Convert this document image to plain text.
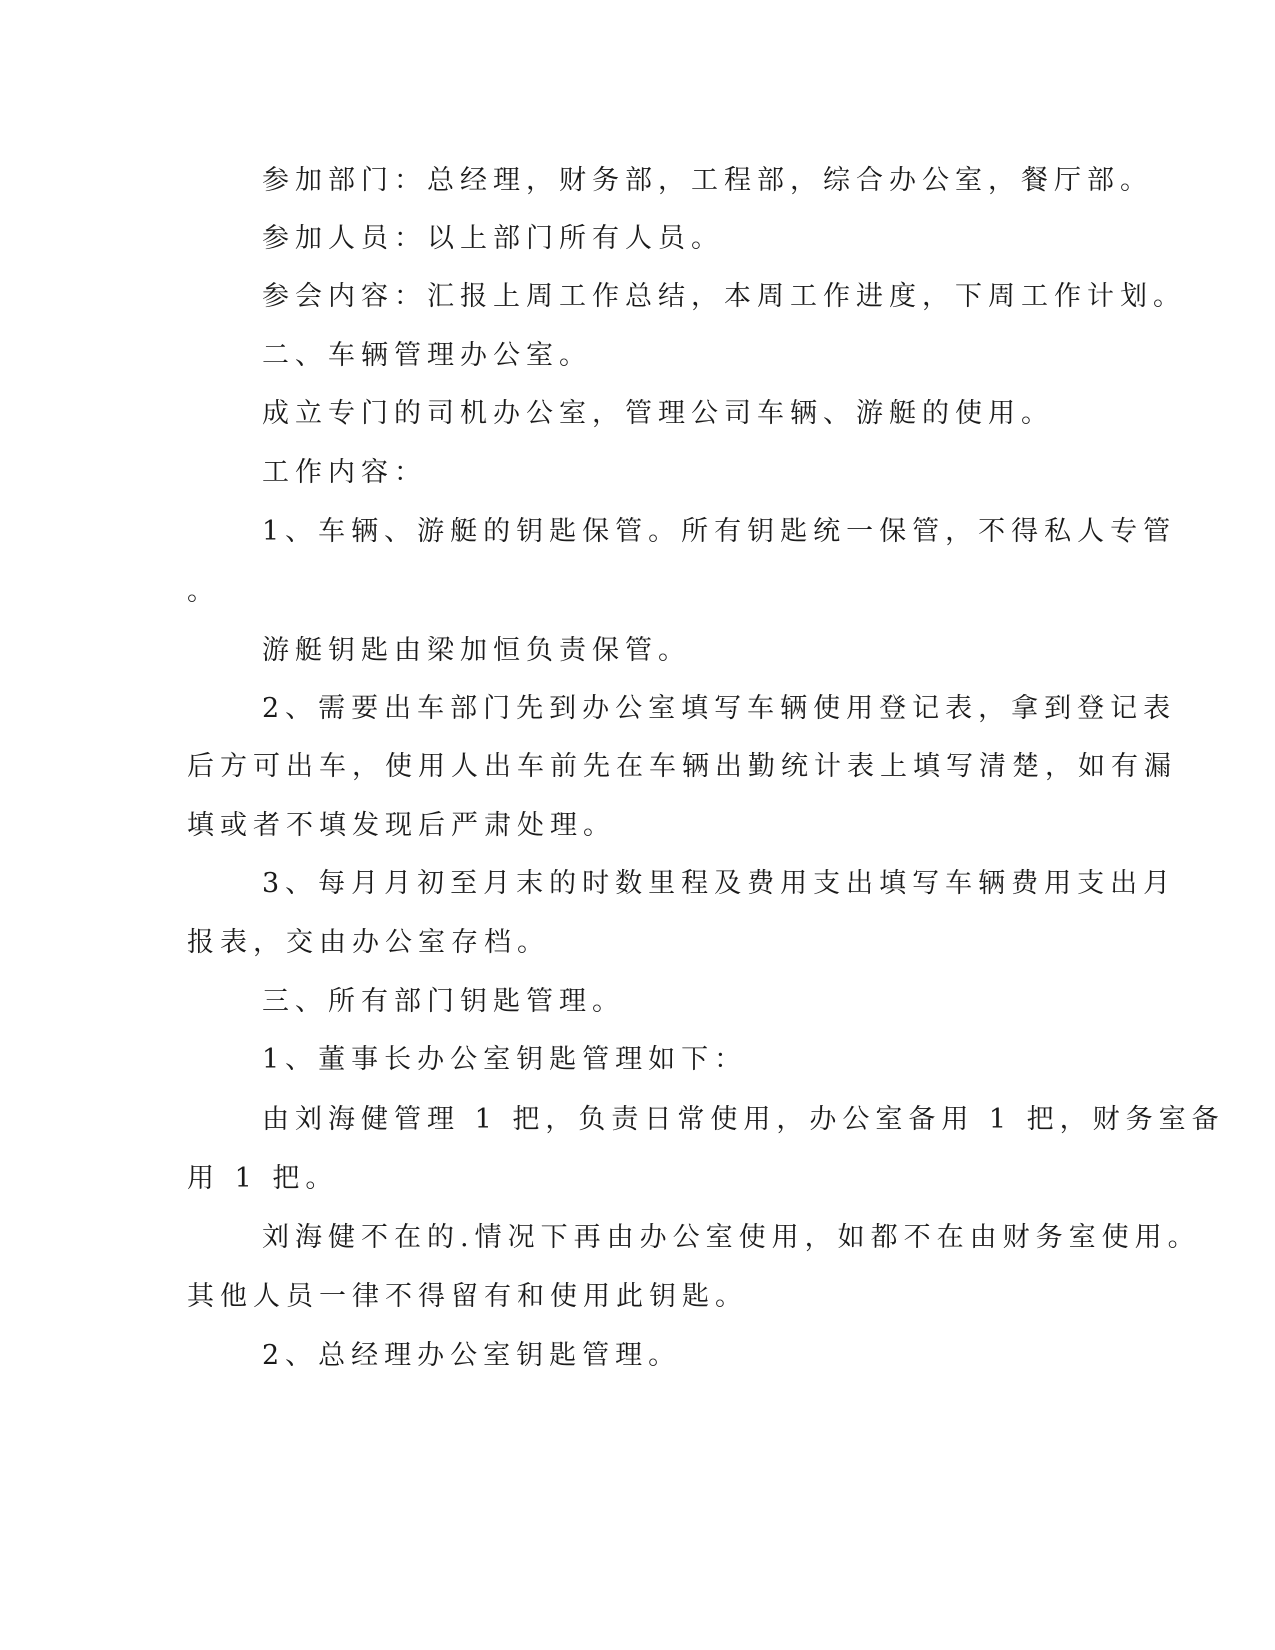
参加部门：总经理，财务部，工程部，综合办公室，餐厅部。

参加人员：以上部门所有人员。

参会内容：汇报上周工作总结，本周工作进度，下周工作计划。

二、车辆管理办公室。

成立专门的司机办公室，管理公司车辆、游艇的使用。

工作内容：

1、车辆、游艇的钥匙保管。所有钥匙统一保管，不得私人专管

。

游艇钥匙由梁加恒负责保管。

2、需要出车部门先到办公室填写车辆使用登记表，拿到登记表

后方可出车，使用人出车前先在车辆出勤统计表上填写清楚，如有漏

填或者不填发现后严肃处理。

3、每月月初至月末的时数里程及费用支出填写车辆费用支出月

报表，交由办公室存档。

三、所有部门钥匙管理。

1、董事长办公室钥匙管理如下：

由刘海健管理 1 把，负责日常使用，办公室备用 1 把，财务室备

用 1 把。

刘海健不在的.情况下再由办公室使用，如都不在由财务室使用。

其他人员一律不得留有和使用此钥匙。

2、总经理办公室钥匙管理。
